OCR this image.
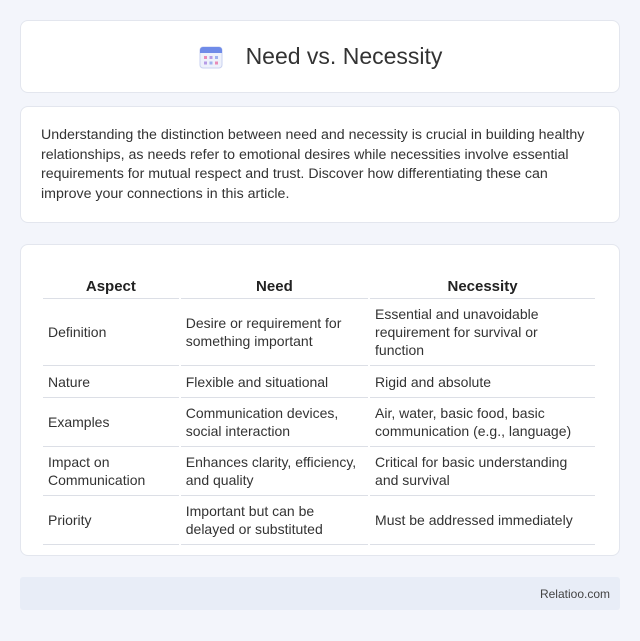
Need vs. Necessity

Understanding the distinction between need and necessity is crucial in building healthy relationships, as needs refer to emotional desires while necessities involve essential requirements for mutual respect and trust. Discover how differentiating these can improve your connections in this article.

Aspect	Need	Necessity
Definition	Desire or requirement for something important	Essential and unavoidable requirement for survival or function
Nature	Flexible and situational	Rigid and absolute
Examples	Communication devices, social interaction	Air, water, basic food, basic communication (e.g., language)
Impact on Communication	Enhances clarity, efficiency, and quality	Critical for basic understanding and survival
Priority	Important but can be delayed or substituted	Must be addressed immediately
Relatioo.com
